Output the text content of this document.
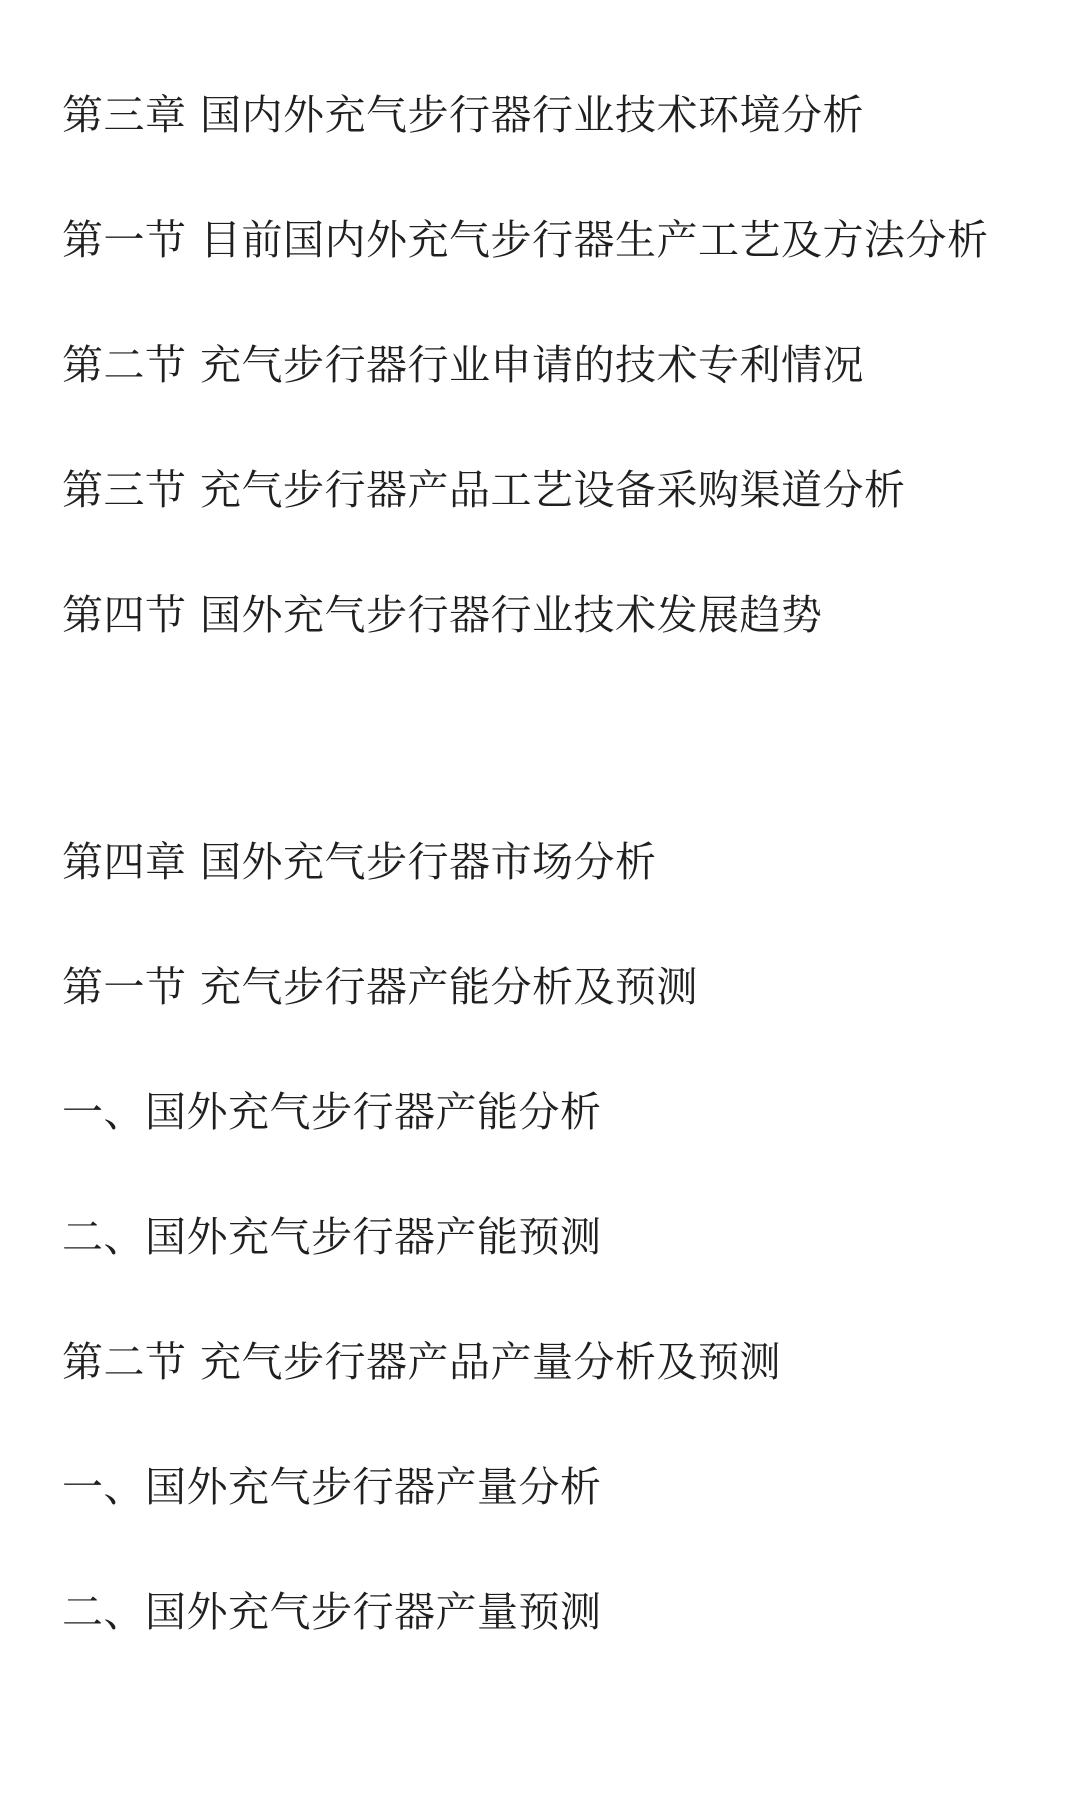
第三章 国内外充气步行器行业技术环境分析
第一节 目前国内外充气步行器生产工艺及方法分析
第二节 充气步行器行业申请的技术专利情况
第三节 充气步行器产品工艺设备采购渠道分析
第四节 国外充气步行器行业技术发展趋势
第四章 国外充气步行器市场分析
第一节 充气步行器产能分析及预测
一、国外充气步行器产能分析
二、国外充气步行器产能预测
第二节 充气步行器产品产量分析及预测
一、国外充气步行器产量分析
二、国外充气步行器产量预测
